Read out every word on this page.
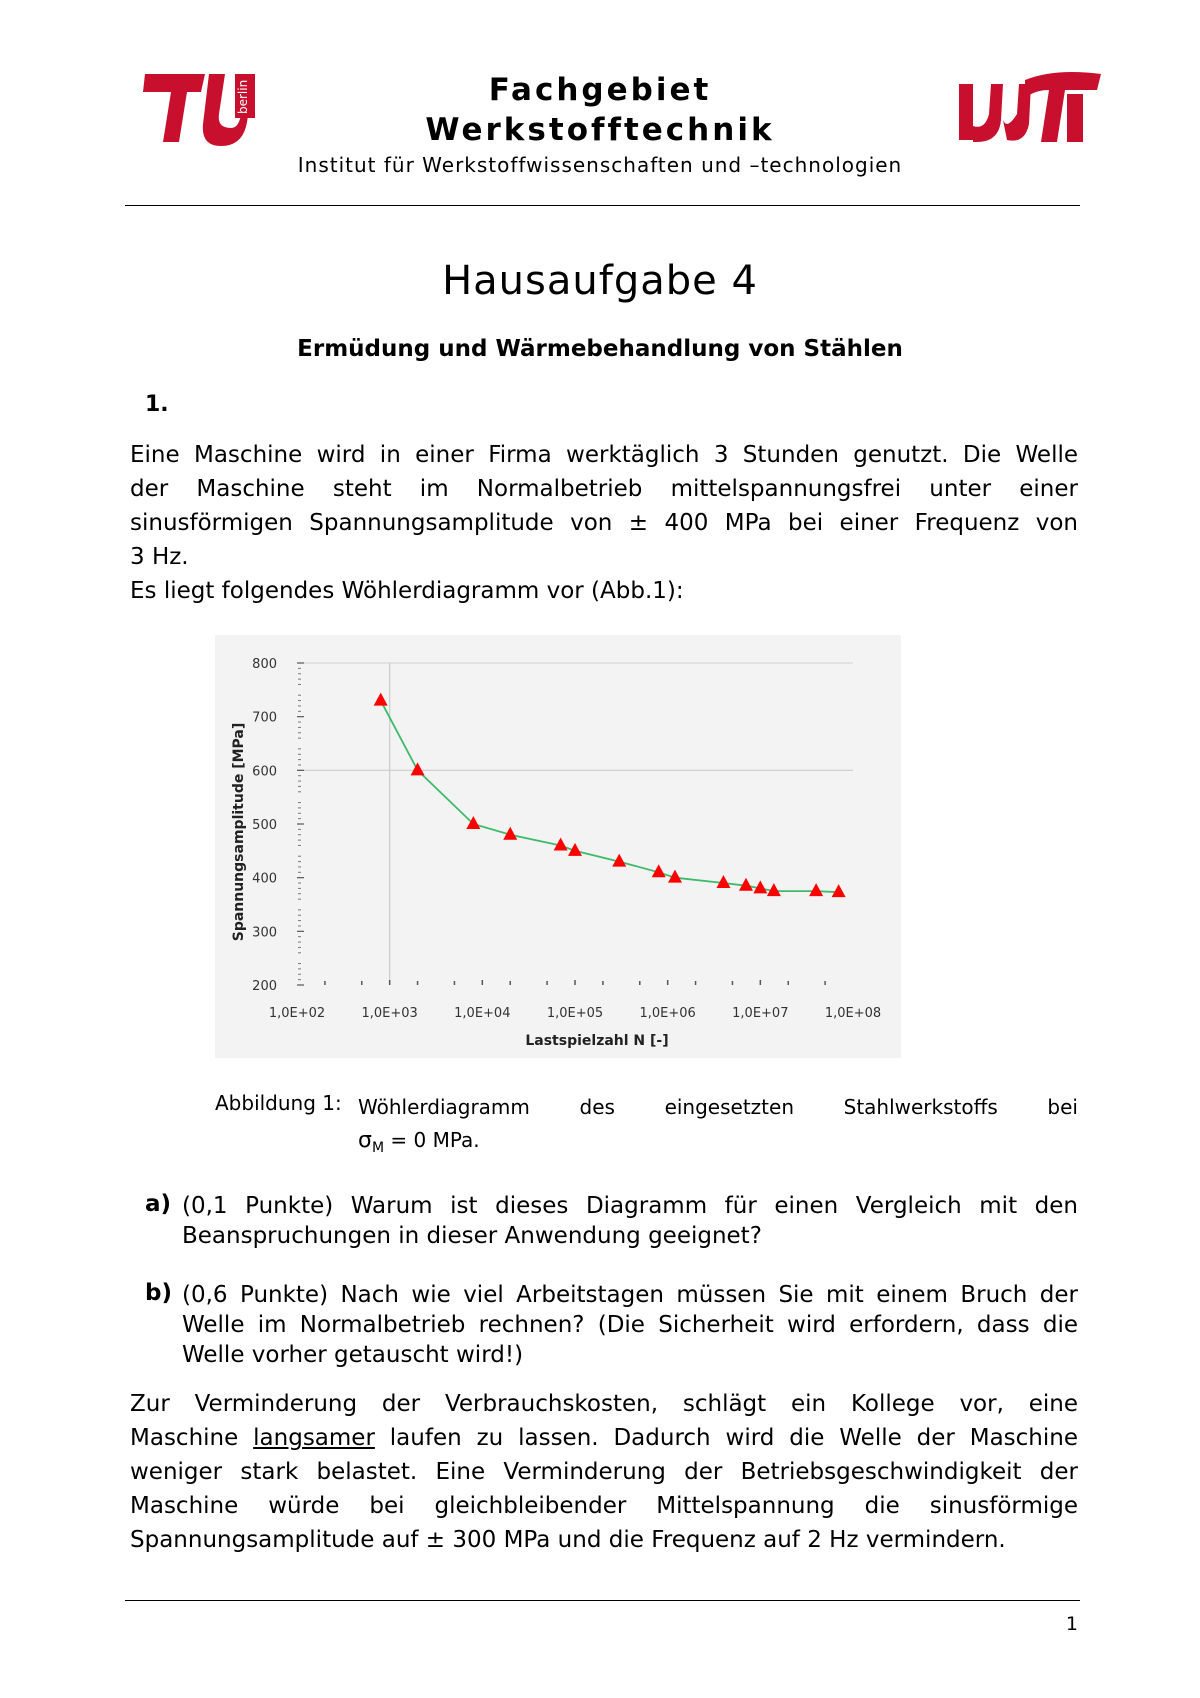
berlin	Fachgebiet
Werkstofftechnik
Institut für Werkstoffwissenschaften und –technologien
Hausaufgabe 4
Ermüdung und Wärmebehandlung von Stählen
1.

Eine Maschine wird in einer Firma werktäglich 3 Stunden genutzt. Die Welle

der Maschine steht im Normalbetrieb mittelspannungsfrei unter einer

sinusförmigen Spannungsamplitude von ± 400 MPa bei einer Frequenz von

3 Hz.

Es liegt folgendes Wöhlerdiagramm vor (Abb.1):

200
300
400
500
600
700
800
1,0E+02	1,0E+03	1,0E+04	1,0E+05	1,0E+06	1,0E+07	1,0E+08
Spannungsamplitude [MPa]
Lastspielzahl N [-]
Abbildung 1: Wöhlerdiagramm des eingesetzten Stahlwerkstoffs bei
$\sigma_M = 0$ MPa.
a) (0,1 Punkte) Warum ist dieses Diagramm für einen Vergleich mit den
Beanspruchungen in dieser Anwendung geeignet?
b) (0,6 Punkte) Nach wie viel Arbeitstagen müssen Sie mit einem Bruch der
Welle im Normalbetrieb rechnen? (Die Sicherheit wird erfordern, dass die
Welle vorher getauscht wird!)

Zur Verminderung der Verbrauchskosten, schlägt ein Kollege vor, eine

Maschine langsamer laufen zu lassen. Dadurch wird die Welle der Maschine

weniger stark belastet. Eine Verminderung der Betriebsgeschwindigkeit der

Maschine würde bei gleichbleibender Mittelspannung die sinusförmige

Spannungsamplitude auf ± 300 MPa und die Frequenz auf 2 Hz vermindern.

1
